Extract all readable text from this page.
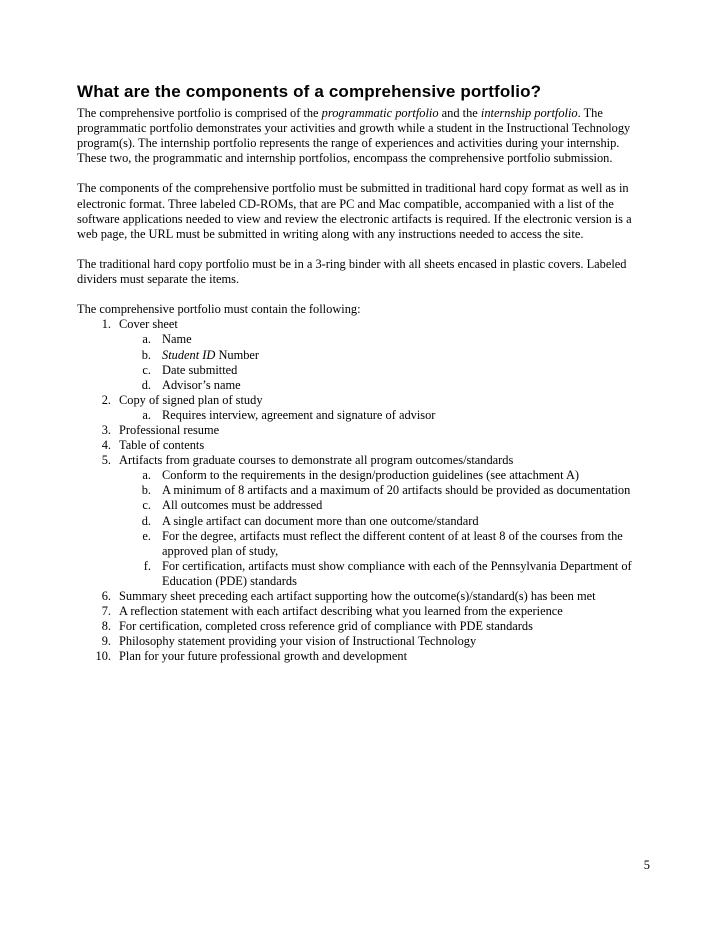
What are the components of a comprehensive portfolio?

The comprehensive portfolio is comprised of the programmatic portfolio and the internship portfolio. The programmatic portfolio demonstrates your activities and growth while a student in the Instructional Technology program(s). The internship portfolio represents the range of experiences and activities during your internship. These two, the programmatic and internship portfolios, encompass the comprehensive portfolio submission.

The components of the comprehensive portfolio must be submitted in traditional hard copy format as well as in electronic format. Three labeled CD-ROMs, that are PC and Mac compatible, accompanied with a list of the software applications needed to view and review the electronic artifacts is required. If the electronic version is a web page, the URL must be submitted in writing along with any instructions needed to access the site.

The traditional hard copy portfolio must be in a 3-ring binder with all sheets encased in plastic covers. Labeled dividers must separate the items.

The comprehensive portfolio must contain the following:

1. Cover sheet
a. Name
b. Student ID Number
c. Date submitted
d. Advisor’s name
2. Copy of signed plan of study
a. Requires interview, agreement and signature of advisor
3. Professional resume
4. Table of contents
5. Artifacts from graduate courses to demonstrate all program outcomes/standards
a. Conform to the requirements in the design/production guidelines (see attachment A)
b. A minimum of 8 artifacts and a maximum of 20 artifacts should be provided as documentation
c. All outcomes must be addressed
d. A single artifact can document more than one outcome/standard
e. For the degree, artifacts must reflect the different content of at least 8 of the courses from the approved plan of study,
f. For certification, artifacts must show compliance with each of the Pennsylvania Department of Education (PDE) standards
6. Summary sheet preceding each artifact supporting how the outcome(s)/standard(s) has been met
7. A reflection statement with each artifact describing what you learned from the experience
8. For certification, completed cross reference grid of compliance with PDE standards
9. Philosophy statement providing your vision of Instructional Technology
10. Plan for your future professional growth and development
5
